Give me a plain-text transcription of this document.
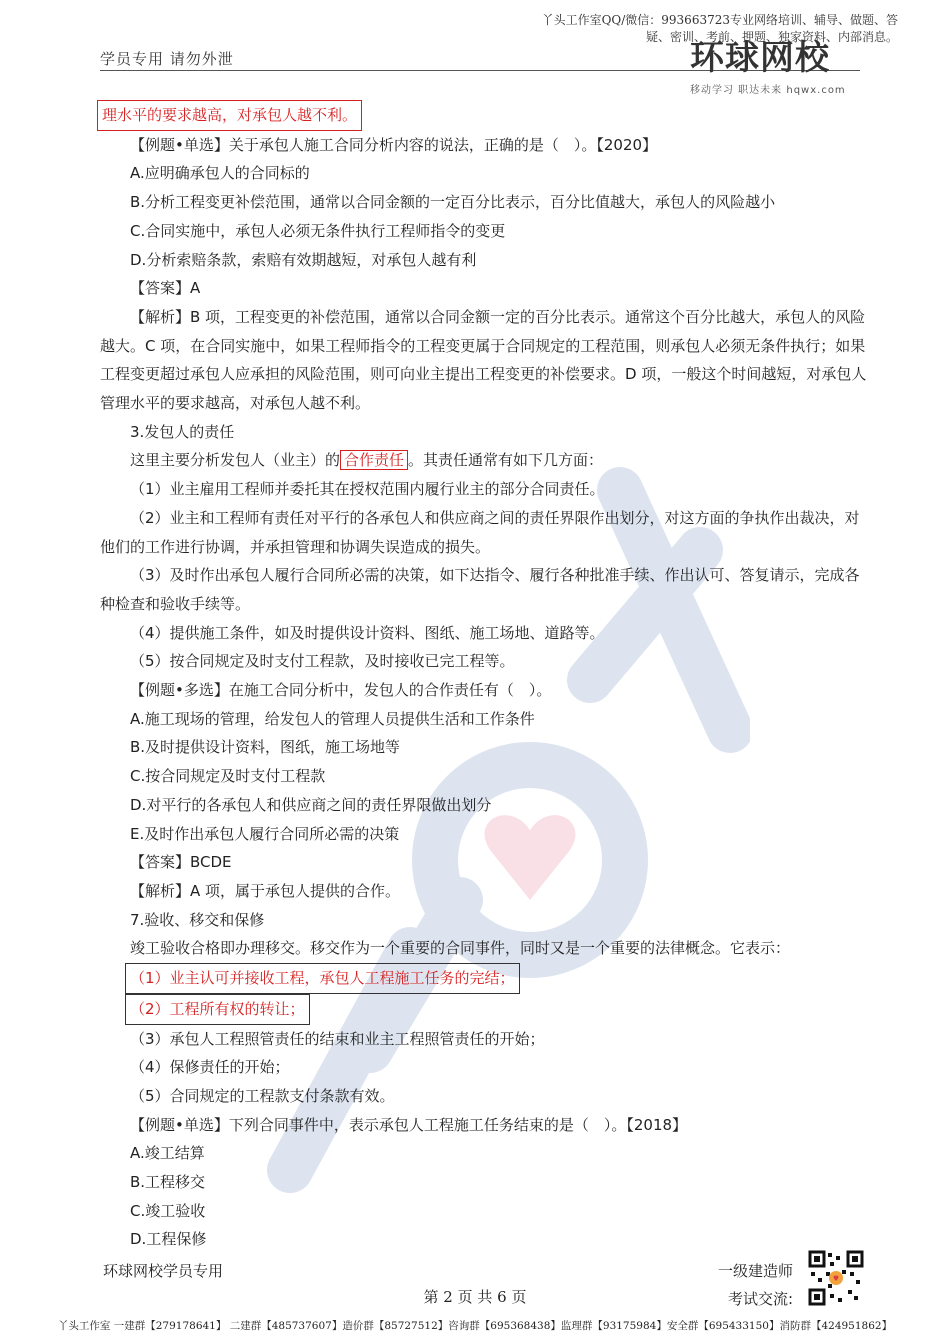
丫头工作室QQ/微信：993663723专业网络培训、辅导、做题、答疑、密训、考前、押题、独家资料、内部消息。
学员专用 请勿外泄	环球网校
移动学习 职达未来 hqwx.com

理水平的要求越高，对承包人越不利。

【例题•单选】关于承包人施工合同分析内容的说法，正确的是（　）。【2020】

A.应明确承包人的合同标的

B.分析工程变更补偿范围，通常以合同金额的一定百分比表示，百分比值越大，承包人的风险越小

C.合同实施中，承包人必须无条件执行工程师指令的变更

D.分析索赔条款，索赔有效期越短，对承包人越有利

【答案】A

【解析】B 项，工程变更的补偿范围，通常以合同金额一定的百分比表示。通常这个百分比越大，承包人的风险越大。C 项，在合同实施中，如果工程师指令的工程变更属于合同规定的工程范围，则承包人必须无条件执行；如果工程变更超过承包人应承担的风险范围，则可向业主提出工程变更的补偿要求。D 项，一般这个时间越短，对承包人管理水平的要求越高，对承包人越不利。

3.发包人的责任

这里主要分析发包人（业主）的 合作责任 。其责任通常有如下几方面：

（1）业主雇用工程师并委托其在授权范围内履行业主的部分合同责任。

（2）业主和工程师有责任对平行的各承包人和供应商之间的责任界限作出划分，对这方面的争执作出裁决，对他们的工作进行协调，并承担管理和协调失误造成的损失。

（3）及时作出承包人履行合同所必需的决策，如下达指令、履行各种批准手续、作出认可、答复请示，完成各种检查和验收手续等。

（4）提供施工条件，如及时提供设计资料、图纸、施工场地、道路等。

（5）按合同规定及时支付工程款，及时接收已完工程等。

【例题•多选】在施工合同分析中，发包人的合作责任有（　）。

A.施工现场的管理，给发包人的管理人员提供生活和工作条件

B.及时提供设计资料，图纸，施工场地等

C.按合同规定及时支付工程款

D.对平行的各承包人和供应商之间的责任界限做出划分

E.及时作出承包人履行合同所必需的决策

【答案】BCDE

【解析】A 项，属于承包人提供的合作。

7.验收、移交和保修

竣工验收合格即办理移交。移交作为一个重要的合同事件，同时又是一个重要的法律概念。它表示：

（1）业主认可并接收工程，承包人工程施工任务的完结；

（2）工程所有权的转让；

（3）承包人工程照管责任的结束和业主工程照管责任的开始；

（4）保修责任的开始；

（5）合同规定的工程款支付条款有效。

【例题•单选】下列合同事件中，表示承包人工程施工任务结束的是（　）。【2018】

A.竣工结算

B.工程移交

C.竣工验收

D.工程保修

环球网校学员专用	一级建造师
考试交流:
第 2 页 共 6 页
丫头工作室 一建群【279178641】 二建群【485737607】造价群【85727512】咨询群【695368438】监理群【93175984】安全群【695433150】消防群【424951862】
